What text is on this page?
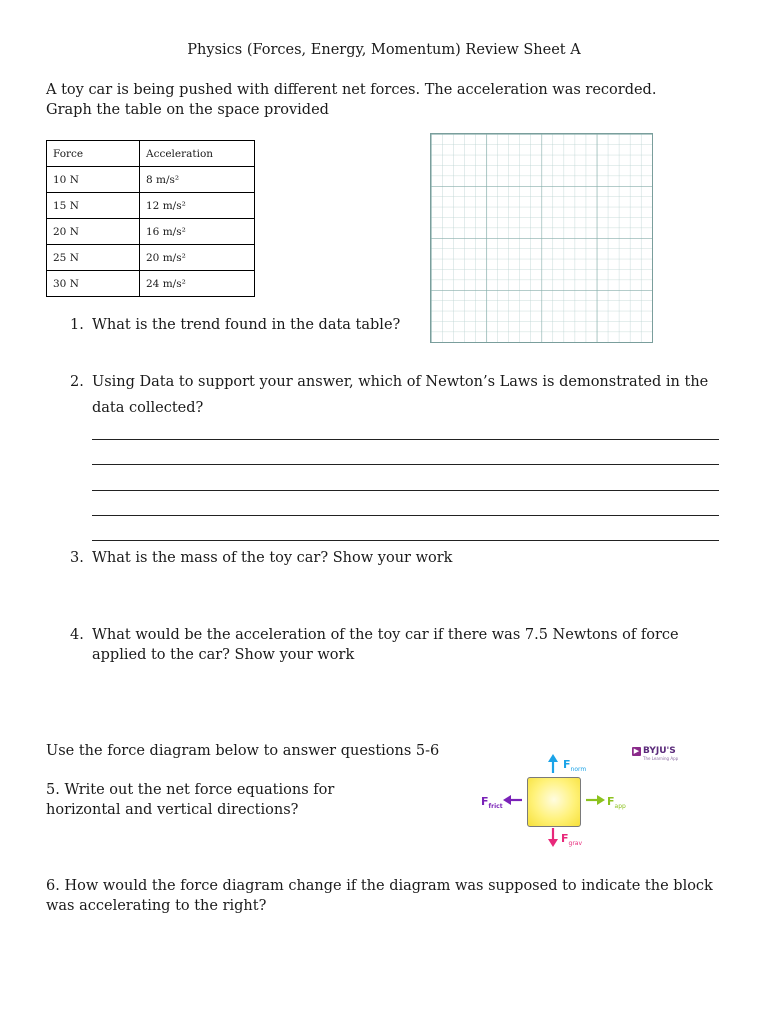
Physics (Forces, Energy, Momentum) Review Sheet A
A toy car is being pushed with different net forces. The acceleration was recorded. Graph the table on the space provided
Force	Acceleration
10 N	8 m/s²
15 N	12 m/s²
20 N	16 m/s²
25 N	20 m/s²
30 N	24 m/s²
1. What is the trend found in the data table?
2. Using Data to support your answer, which of Newton’s Laws is demonstrated in the data collected?
3. What is the mass of the toy car? Show your work
4. What would be the acceleration of the toy car if there was 7.5 Newtons of force applied to the car? Show your work
Use the force diagram below to answer questions 5-6
5. Write out the net force equations for horizontal and vertical directions?
6. How would the force diagram change if the diagram was supposed to indicate the block was accelerating to the right?
$F_{norm}$
$F_{grav}$
$F_{frict}$	$F_{app}$
▶ BYJU'S
The Learning App
